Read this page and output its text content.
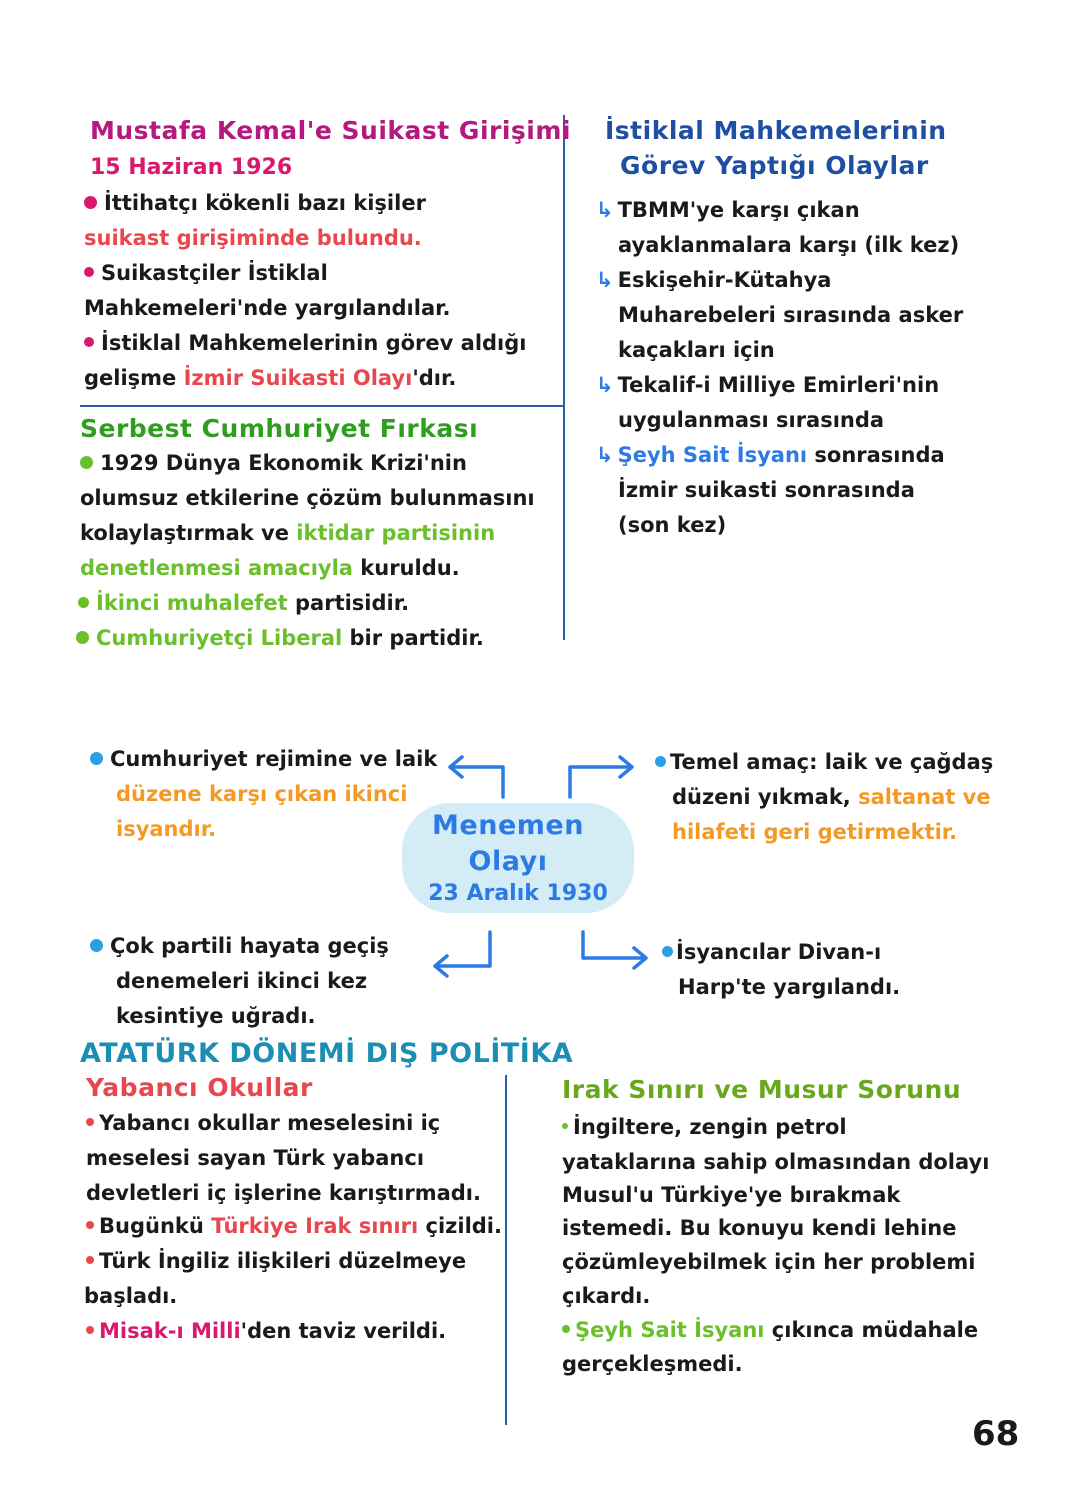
Mustafa Kemal'e Suikast Girişimi
15 Haziran 1926
İttihatçı kökenli bazı kişiler
suikast girişiminde bulundu.
Suikastçiler İstiklal
Mahkemeleri'nde yargılandılar.
İstiklal Mahkemelerinin görev aldığı
gelişme İzmir Suikasti Olayı'dır.
İstiklal Mahkemelerinin
Görev Yaptığı Olaylar
↳ TBMM'ye karşı çıkan
ayaklanmalara karşı (ilk kez)
↳ Eskişehir-Kütahya
Muharebeleri sırasında asker
kaçakları için
↳ Tekalif-i Milliye Emirleri'nin
uygulanması sırasında
↳ Şeyh Sait İsyanı sonrasında
İzmir suikasti sonrasında
(son kez)
Serbest Cumhuriyet Fırkası
1929 Dünya Ekonomik Krizi'nin
olumsuz etkilerine çözüm bulunmasını
kolaylaştırmak ve iktidar partisinin
denetlenmesi amacıyla kuruldu.
İkinci muhalefet partisidir.
Cumhuriyetçi Liberal bir partidir.
Menemen
Olayı
23 Aralık 1930
Cumhuriyet rejimine ve laik
düzene karşı çıkan ikinci
isyandır.
Temel amaç: laik ve çağdaş
düzeni yıkmak, saltanat ve
hilafeti geri getirmektir.
Çok partili hayata geçiş
denemeleri ikinci kez
kesintiye uğradı.
İsyancılar Divan-ı
Harp'te yargılandı.
ATATÜRK DÖNEMİ DIŞ POLİTİKA
Yabancı Okullar
Yabancı okullar meselesini iç
meselesi sayan Türk yabancı
devletleri iç işlerine karıştırmadı.
Bugünkü Türkiye Irak sınırı çizildi.
Türk İngiliz ilişkileri düzelmeye
başladı.
Misak-ı Milli'den taviz verildi.
Irak Sınırı ve Musur Sorunu
İngiltere, zengin petrol
yataklarına sahip olmasından dolayı
Musul'u Türkiye'ye bırakmak
istemedi. Bu konuyu kendi lehine
çözümleyebilmek için her problemi
çıkardı.
Şeyh Sait İsyanı çıkınca müdahale
gerçekleşmedi.
68
